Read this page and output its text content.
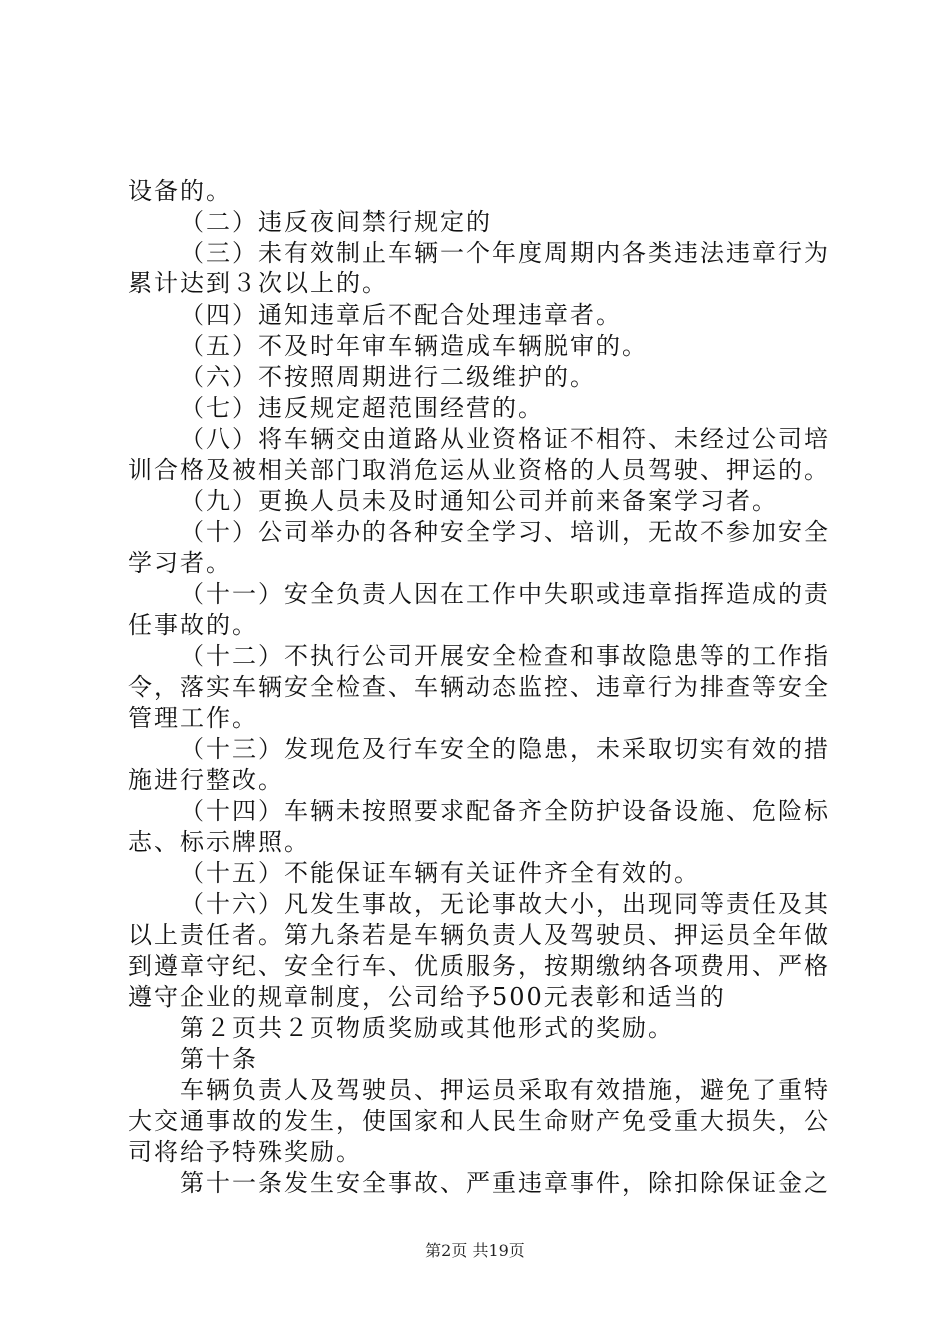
设备的。
（二）违反夜间禁行规定的
（三）未有效制止车辆一个年度周期内各类违法违章行为
累计达到３次以上的。
（四）通知违章后不配合处理违章者。
（五）不及时年审车辆造成车辆脱审的。
（六）不按照周期进行二级维护的。
（七）违反规定超范围经营的。
（八）将车辆交由道路从业资格证不相符、未经过公司培
训合格及被相关部门取消危运从业资格的人员驾驶、押运的。
（九）更换人员未及时通知公司并前来备案学习者。
（十）公司举办的各种安全学习、培训，无故不参加安全
学习者。
（十一）安全负责人因在工作中失职或违章指挥造成的责
任事故的。
（十二）不执行公司开展安全检查和事故隐患等的工作指
令，落实车辆安全检查、车辆动态监控、违章行为排查等安全
管理工作。
（十三）发现危及行车安全的隐患，未采取切实有效的措
施进行整改。
（十四）车辆未按照要求配备齐全防护设备设施、危险标
志、标示牌照。
（十五）不能保证车辆有关证件齐全有效的。
（十六）凡发生事故，无论事故大小，出现同等责任及其
以上责任者。第九条若是车辆负责人及驾驶员、押运员全年做
到遵章守纪、安全行车、优质服务，按期缴纳各项费用、严格
遵守企业的规章制度，公司给予500元表彰和适当的
第２页共２页物质奖励或其他形式的奖励。
第十条
车辆负责人及驾驶员、押运员采取有效措施，避免了重特
大交通事故的发生，使国家和人民生命财产免受重大损失，公
司将给予特殊奖励。
第十一条发生安全事故、严重违章事件，除扣除保证金之
第2页 共19页
